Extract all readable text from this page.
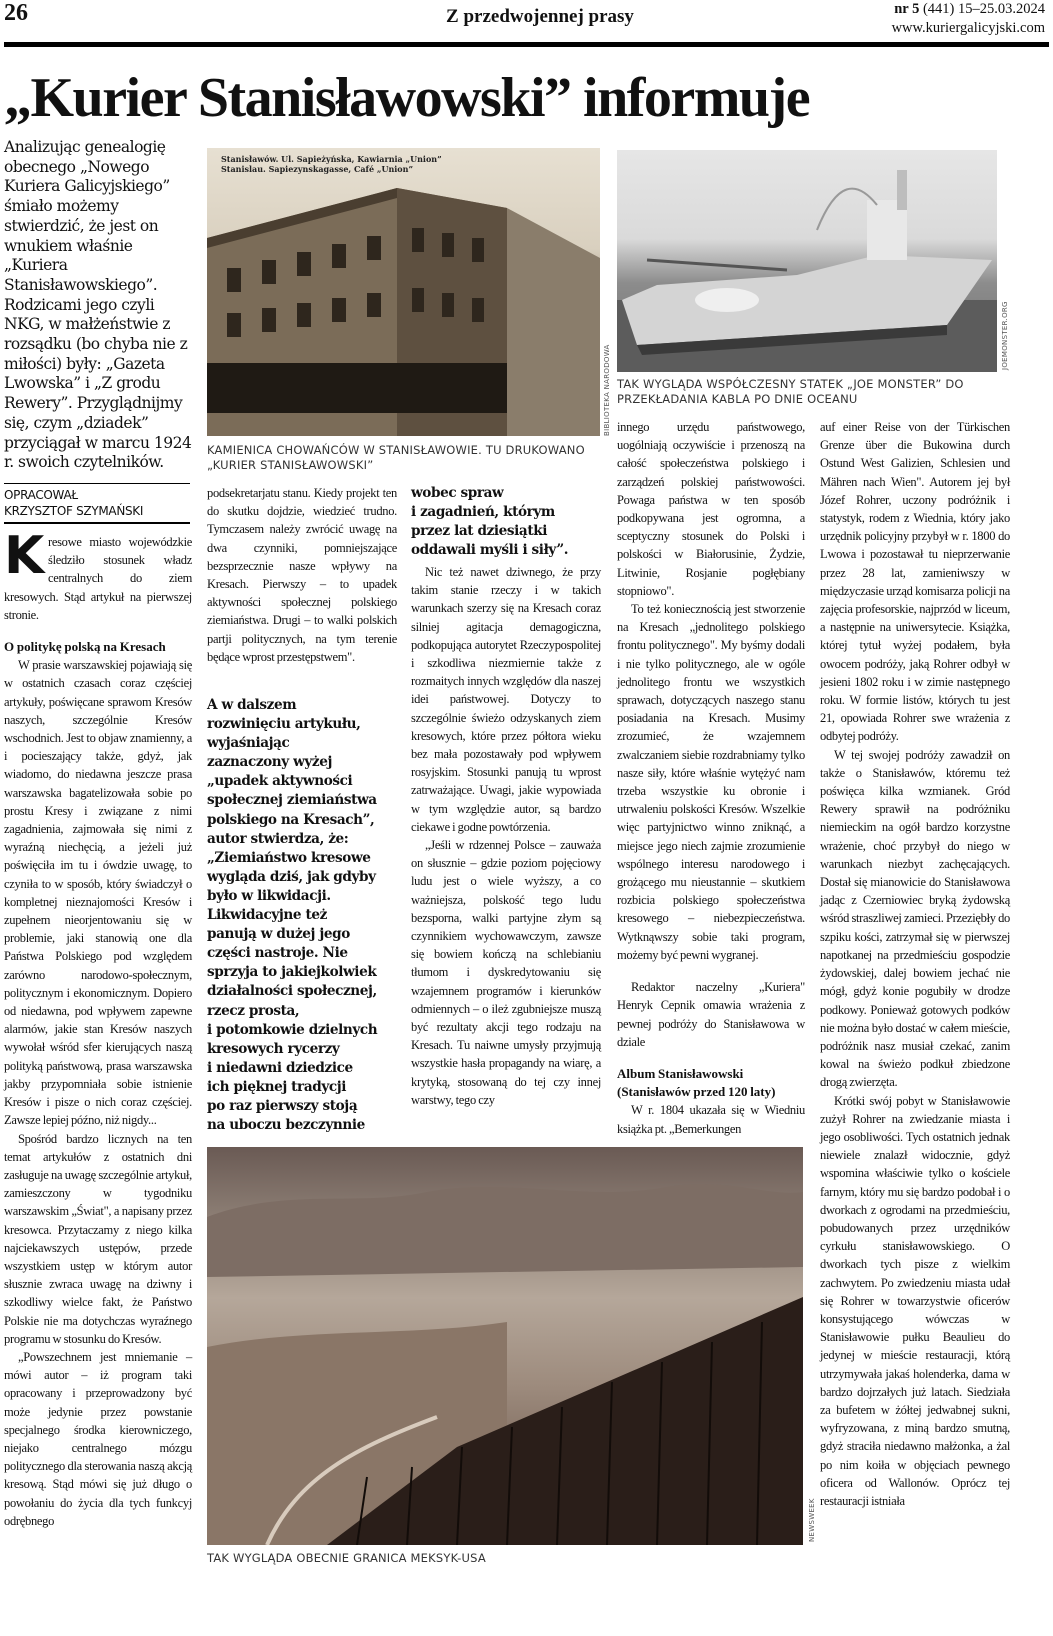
26	Z przedwojennej prasy	nr 5 (441) 15–25.03.2024
www.kuriergalicyjski.com
„Kurier Stanisławowski” informuje
Analizując genealogię obecnego „Nowego Kuriera Galicyjskiego” śmiało możemy stwierdzić, że jest on wnukiem właśnie „Kuriera Stanisławowskiego”. Rodzicami jego czyli NKG, w małżeństwie z rozsądku (bo chyba nie z miłości) były: „Gazeta Lwowska” i „Z grodu Rewery”. Przyglądnijmy się, czym „dziadek” przyciągał w marcu 1924 r. swoich czytelników.
OPRACOWAŁ
KRZYSZTOF SZYMAŃSKI

Kresowe miasto wojewódzkie śledziło stosunek władz centralnych do ziem kresowych. Stąd artykuł na pierwszej stronie.

O politykę polską na Kresach

W prasie warszawskiej pojawiają się w ostatnich czasach coraz częściej artykuły, poświęcane sprawom Kresów naszych, szczególnie Kresów wschodnich. Jest to objaw znamienny, a i pocieszający także, gdyż, jak wiadomo, do niedawna jeszcze prasa warszawska bagatelizowała sobie po prostu Kresy i związane z nimi zagadnienia, zajmowała się nimi z wyraźną niechęcią, a jeżeli już poświęciła im tu i ówdzie uwagę, to czyniła to w sposób, który świadczył o kompletnej nieznajomości Kresów i zupełnem nieorjentowaniu się w problemie, jaki stanowią one dla Państwa Polskiego pod względem zarówno narodowo-społecznym, politycznym i ekonomicznym. Dopiero od niedawna, pod wpływem zapewne alarmów, jakie stan Kresów naszych wywołał wśród sfer kierujących naszą polityką państwową, prasa warszawska jakby przypomniała sobie istnienie Kresów i pisze o nich coraz częściej. Zawsze lepiej późno, niż nigdy...

Spośród bardzo licznych na ten temat artykułów z ostatnich dni zasługuje na uwagę szczególnie artykuł, zamieszczony w tygodniku warszawskim „Świat", a napisany przez kresowca. Przytaczamy z niego kilka najciekawszych ustępów, przede wszystkiem ustęp w którym autor słusznie zwraca uwagę na dziwny i szkodliwy wielce fakt, że Państwo Polskie nie ma dotychczas wyraźnego programu w stosunku do Kresów.

„Powszechnem jest mniemanie – mówi autor – iż program taki opracowany i przeprowadzony być może jedynie przez powstanie specjalnego środka kierowniczego, niejako centralnego mózgu politycznego dla sterowania naszą akcją kresową. Stąd mówi się już długo o powołaniu do życia dla tych funkcyj odrębnego

Stanisławów. Ul. Sapieżyńska, Kawiarnia „Union”
Stanislau. Sapiezynskagasse, Café „Union”
BIBLIOTEKA NARODOWA
KAMIENICA CHOWAŃCÓW W STANISŁAWOWIE. TU DRUKOWANO „KURIER STANISŁAWOWSKI”
JOEMONSTER.ORG
TAK WYGLĄDA WSPÓŁCZESNY STATEK „JOE MONSTER” DO PRZEKŁADANIA KABLA PO DNIE OCEANU

podsekretarjatu stanu. Kiedy projekt ten do skutku dojdzie, wiedzieć trudno. Tymczasem należy zwrócić uwagę na dwa czynniki, pomniejszające bezsprzecznie nasze wpływy na Kresach. Pierwszy – to upadek aktywności społecznej polskiego ziemiaństwa. Drugi – to walki polskich partji politycznych, na tym terenie będące wprost przestępstwem".

A w dalszem
rozwinięciu artykułu,
wyjaśniając
zaznaczony wyżej
„upadek aktywności
społecznej ziemiaństwa
polskiego na Kresach”,
autor stwierdza, że:
„Ziemiaństwo kresowe
wygląda dziś, jak gdyby
było w likwidacji.
Likwidacyjne też
panują w dużej jego
części nastroje. Nie
sprzyja to jakiejkolwiek
działalności społecznej,
rzecz prosta,
i potomkowie dzielnych
kresowych rycerzy
i niedawni dziedzice
ich pięknej tradycji
po raz pierwszy stoją
na uboczu bezczynnie
wobec spraw
i zagadnień, którym
przez lat dziesiątki
oddawali myśli i siły”.

Nic też nawet dziwnego, że przy takim stanie rzeczy i w takich warunkach szerzy się na Kresach coraz silniej agitacja demagogiczna, podkopująca autorytet Rzeczypospolitej i szkodliwa niezmiernie także z rozmaitych innych względów dla naszej idei państwowej. Dotyczy to szczególnie świeżo odzyskanych ziem kresowych, które przez półtora wieku bez mała pozostawały pod wpływem rosyjskim. Stosunki panują tu wprost zatrważające. Uwagi, jakie wypowiada w tym względzie autor, są bardzo ciekawe i godne powtórzenia.

„Jeśli w rdzennej Polsce – zauważa on słusznie – gdzie poziom pojęciowy ludu jest o wiele wyższy, a co ważniejsza, polskość tego ludu bezsporna, walki partyjne złym są czynnikiem wychowawczym, zawsze się bowiem kończą na schlebianiu tłumom i dyskredytowaniu się wzajemnem programów i kierunków odmiennych – o ileż zgubniejsze muszą być rezultaty akcji tego rodzaju na Kresach. Tu naiwne umysły przyjmują wszystkie hasła propagandy na wiarę, a krytyką, stosowaną do tej czy innej warstwy, tego czy

innego urzędu państwowego, uogólniają oczywiście i przenoszą na całość społeczeństwa polskiego i zarządzeń polskiej państwowości. Powaga państwa w ten sposób podkopywana jest ogromna, a sceptyczny stosunek do Polski i polskości w Białorusinie, Żydzie, Litwinie, Rosjanie pogłębiany stopniowo".

To też koniecznością jest stworzenie na Kresach „jednolitego polskiego frontu politycznego". My byśmy dodali i nie tylko politycznego, ale w ogóle jednolitego frontu we wszystkich sprawach, dotyczących naszego stanu posiadania na Kresach. Musimy zrozumieć, że wzajemnem zwalczaniem siebie rozdrabniamy tylko nasze siły, które właśnie wytężyć nam trzeba wszystkie ku obronie i utrwaleniu polskości Kresów. Wszelkie więc partyjnictwo winno zniknąć, a miejsce jego niech zajmie zrozumienie wspólnego interesu narodowego i grożącego mu nieustannie – skutkiem rozbicia polskiego społeczeństwa kresowego – niebezpieczeństwa. Wytknąwszy sobie taki program, możemy być pewni wygranej.

Redaktor naczelny „Kuriera" Henryk Cepnik omawia wrażenia z pewnej podróży do Stanisławowa w dziale

Album Stanisławowski (Stanisławów przed 120 laty)

W r. 1804 ukazała się w Wiedniu książka pt. „Bemerkungen

auf einer Reise von der Türkischen Grenze über die Bukowina durch Ostund West Galizien, Schlesien und Mähren nach Wien". Autorem jej był Józef Rohrer, uczony podróżnik i statystyk, rodem z Wiednia, który jako urzędnik policyjny przybył w r. 1800 do Lwowa i pozostawał tu nieprzerwanie przez 28 lat, zamieniwszy w międzyczasie urząd komisarza policji na zajęcia profesorskie, najprzód w liceum, a następnie na uniwersytecie. Książka, której tytuł wyżej podałem, była owocem podróży, jaką Rohrer odbył w jesieni 1802 roku i w zimie następnego roku. W formie listów, których tu jest 21, opowiada Rohrer swe wrażenia z odbytej podróży.

W tej swojej podróży zawadził on także o Stanisławów, któremu też poświęca kilka wzmianek. Gród Rewery sprawił na podróżniku niemieckim na ogół bardzo korzystne wrażenie, choć przybył do niego w warunkach niezbyt zachęcających. Dostał się mianowicie do Stanisławowa jadąc z Czerniowiec bryką żydowską wśród straszliwej zamieci. Przeziębły do szpiku kości, zatrzymał się w pierwszej napotkanej na przedmieściu gospodzie żydowskiej, dalej bowiem jechać nie mógł, gdyż konie pogubiły w drodze podkowy. Ponieważ gotowych podków nie można było dostać w całem mieście, podróżnik nasz musiał czekać, zanim kowal na świeżo podkuł zbiedzone drogą zwierzęta.

Krótki swój pobyt w Stanisławowie zużył Rohrer na zwiedzanie miasta i jego osobliwości. Tych ostatnich jednak niewiele znalazł widocznie, gdyż wspomina właściwie tylko o kościele farnym, który mu się bardzo podobał i o dworkach z ogrodami na przedmieściu, pobudowanych przez urzędników cyrkułu stanisławowskiego. O dworkach tych pisze z wielkim zachwytem. Po zwiedzeniu miasta udał się Rohrer w towarzystwie oficerów konsystującego wówczas w Stanisławowie pułku Beaulieu do jedynej w mieście restauracji, którą utrzymywała jakaś holenderka, dama w bardzo dojrzałych już latach. Siedziała za bufetem w żółtej jedwabnej sukni, wyfryzowana, z miną bardzo smutną, gdyż straciła niedawno małżonka, a żal po nim koiła w objęciach pewnego oficera od Wallonów. Oprócz tej restauracji istniała

NEWSWEEK
TAK WYGLĄDA OBECNIE GRANICA MEKSYK-USA
